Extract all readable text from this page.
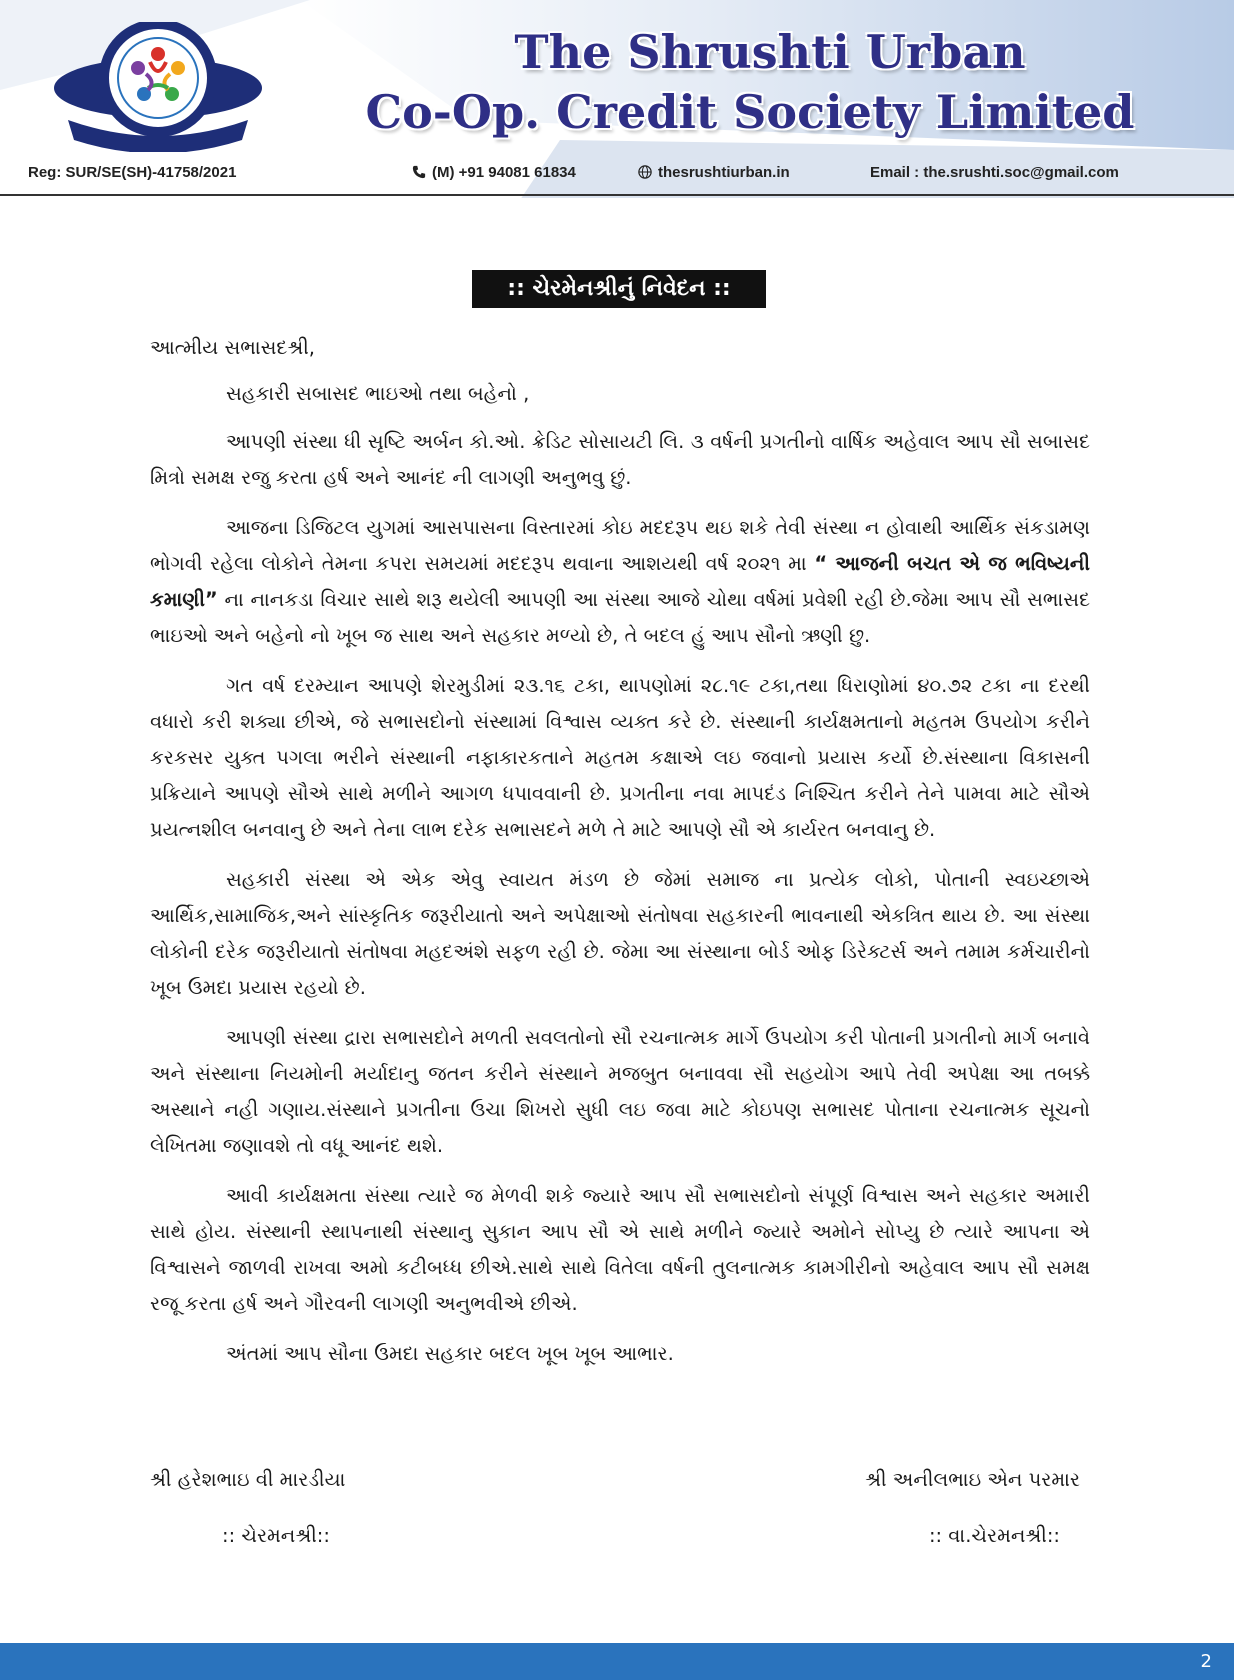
The Shrushti Urban
Co-Op. Credit Society Limited
Reg: SUR/SE(SH)-41758/2021	(M) +91 94081 61834	thesrushtiurban.in	Email : the.srushti.soc@gmail.com
:: ચેરમેનશ્રીનું નિવેદન ::

આત્મીય સભાસદશ્રી,

સહકારી સબાસદ ભાઇઓ તથા બહેનો ,

આપણી સંસ્થા ધી સૃષ્ટિ અર્બન કો.ઓ. ક્રેડિટ સોસાયટી લિ. ૩ વર્ષની પ્રગતીનો વાર્ષિક અહેવાલ આપ સૌ સબાસદ મિત્રો સમક્ષ રજુ કરતા હર્ષ અને આનંદ ની લાગણી અનુભવુ છું.

આજના ડિજિટલ યુગમાં આસપાસના વિસ્તારમાં કોઇ મદદરૂપ થઇ શકે તેવી સંસ્થા ન હોવાથી આર્થિક સંકડામણ ભોગવી રહેલા લોકોને તેમના કપરા સમયમાં મદદરૂપ થવાના આશયથી વર્ષ ૨૦૨૧ મા “ આજની બચત એ જ ભવિષ્યની કમાણી” ના નાનકડા વિચાર સાથે શરૂ થયેલી આપણી આ સંસ્થા આજે ચોથા વર્ષમાં પ્રવેશી રહી છે.જેમા આપ સૌ સભાસદ ભાઇઓ અને બહેનો નો ખૂબ જ સાથ અને સહકાર મળ્યો છે, તે બદલ હું આપ સૌનો ઋણી છુ.

ગત વર્ષ દરમ્યાન આપણે શેરમુડીમાં ૨૩.૧૬ ટકા, થાપણોમાં ૨૮.૧૯ ટકા,તથા ધિરાણોમાં ૪૦.૭૨ ટકા ના દરથી વધારો કરી શક્યા છીએ, જે સભાસદોનો સંસ્થામાં વિશ્વાસ વ્યક્ત કરે છે. સંસ્થાની કાર્યક્ષમતાનો મહતમ ઉપયોગ કરીને કરકસર યુક્ત પગલા ભરીને સંસ્થાની નફાકારકતાને મહતમ કક્ષાએ લઇ જવાનો પ્રયાસ કર્યો છે.સંસ્થાના વિકાસની પ્રક્રિયાને આપણે સૌએ સાથે મળીને આગળ ધપાવવાની છે. પ્રગતીના નવા માપદંડ નિશ્ચિત કરીને તેને પામવા માટે સૌએ પ્રયત્નશીલ બનવાનુ છે અને તેના લાભ દરેક સભાસદને મળે તે માટે આપણે સૌ એ કાર્યરત બનવાનુ છે.

સહકારી સંસ્થા એ એક એવુ સ્વાયત મંડળ છે જેમાં સમાજ ના પ્રત્યેક લોકો, પોતાની સ્વઇચ્છાએ આર્થિક,સામાજિક,અને સાંસ્કૃતિક જરૂરીયાતો અને અપેક્ષાઓ સંતોષવા સહકારની ભાવનાથી એકત્રિત થાય છે. આ સંસ્થા લોકોની દરેક જરૂરીયાતો સંતોષવા મહદઅંશે સફળ રહી છે. જેમા આ સંસ્થાના બોર્ડ ઓફ ડિરેક્ટર્સ અને તમામ કર્મચારીનો ખૂબ ઉમદા પ્રયાસ રહયો છે.

આપણી સંસ્થા દ્રારા સભાસદોને મળતી સવલતોનો સૌ રચનાત્મક માર્ગે ઉપયોગ કરી પોતાની પ્રગતીનો માર્ગ બનાવે અને સંસ્થાના નિયમોની મર્યાદાનુ જતન કરીને સંસ્થાને મજબુત બનાવવા સૌ સહયોગ આપે તેવી અપેક્ષા આ તબક્કે અસ્થાને નહી ગણાય.સંસ્થાને પ્રગતીના ઉચા શિખરો સુધી લઇ જવા માટે કોઇપણ સભાસદ પોતાના રચનાત્મક સૂચનો લેખિતમા જણાવશે તો વધૂ આનંદ થશે.

આવી કાર્યક્ષમતા સંસ્થા ત્યારે જ મેળવી શકે જ્યારે આપ સૌ સભાસદોનો સંપૂર્ણ વિશ્વાસ અને સહકાર અમારી સાથે હોય. સંસ્થાની સ્થાપનાથી સંસ્થાનુ સુકાન આપ સૌ એ સાથે મળીને જ્યારે અમોને સોપ્યુ છે ત્યારે આપના એ વિશ્વાસને જાળવી રાખવા અમો કટીબધ્ધ છીએ.સાથે સાથે વિતેલા વર્ષની તુલનાત્મક કામગીરીનો અહેવાલ આપ સૌ સમક્ષ રજૂ કરતા હર્ષ અને ગૌરવની લાગણી અનુભવીએ છીએ.

અંતમાં આપ સૌના ઉમદા સહકાર બદલ ખૂબ ખૂબ આભાર.

શ્રી હરેશભાઇ વી મારડીયા	શ્રી અનીલભાઇ એન પરમાર
:: ચેરમનશ્રી::	:: વા.ચેરમનશ્રી::
2
